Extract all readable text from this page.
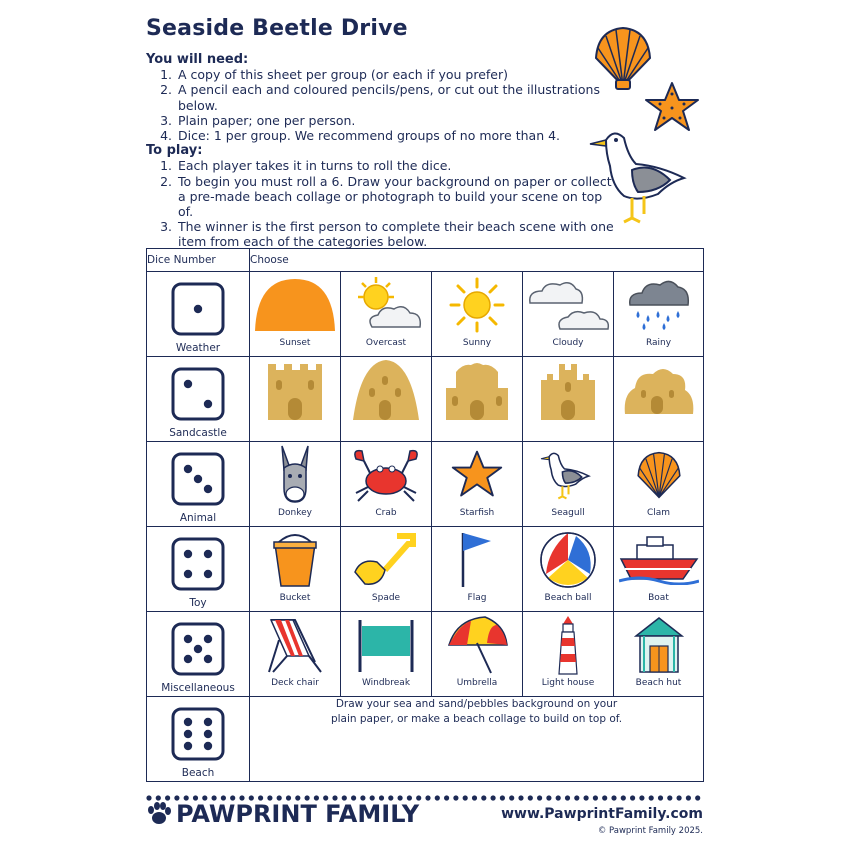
Seaside Beetle Drive
You will need:
1. A copy of this sheet per group (or each if you prefer)
2. A pencil each and coloured pencils/pens, or cut out the illustrations below.
3. Plain paper; one per person.
4. Dice: 1 per group. We recommend groups of no more than 4.
To play:
1. Each player takes it in turns to roll the dice.
2. To begin you must roll a 6. Draw your background on paper or collect a pre-made beach collage or photograph to build your scene on top of.
3. The winner is the first person to complete their beach scene with one item from each of the categories below.
Dice Number	Choose				

Weather	Sunset	Overcast	Sunny	Cloudy	Rainy

Sandcastle

Animal	Donkey	Crab	Starfish	Seagull	Clam

Toy	Bucket	Spade	Flag	Beach ball	Boat

Miscellaneous	Deck chair	Windbreak	Umbrella	Light house	Beach hut

Beach	Draw your sea and sand/pebbles background on your
plain paper, or make a beach collage to build on top of.				
PAWPRINT FAMILY	www.PawprintFamily.com
© Pawprint Family 2025.
